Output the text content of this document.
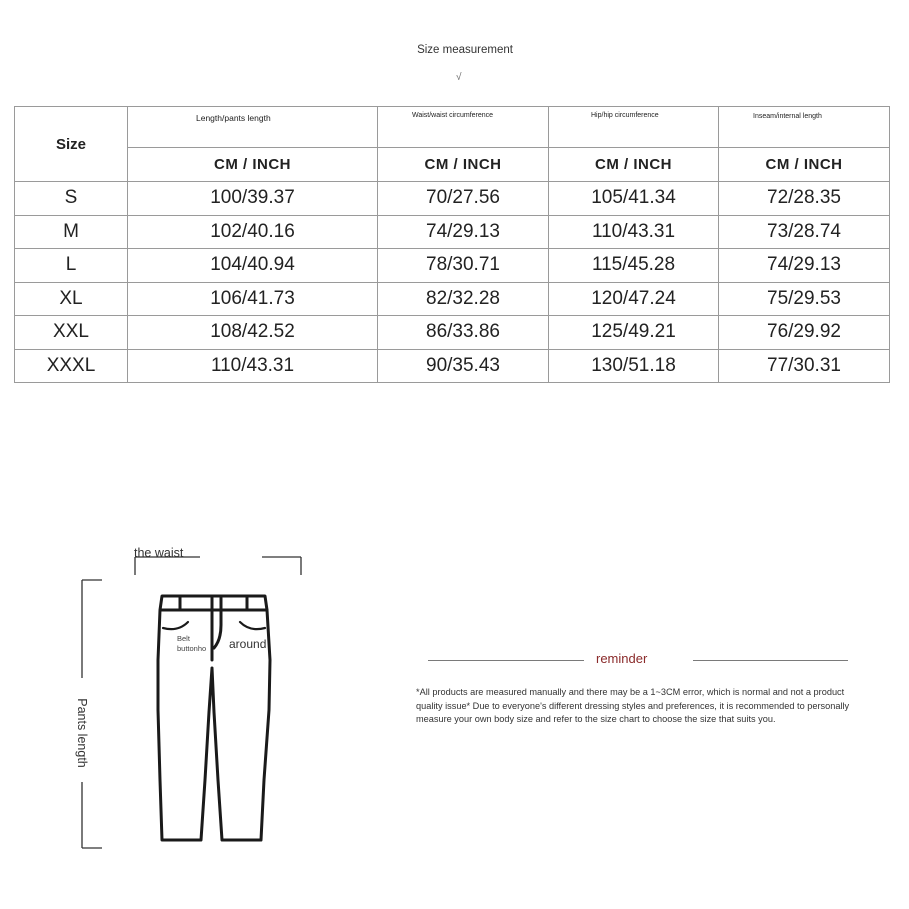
Size measurement
√
Size	Length/pants length	Waist/waist circumference	Hip/hip circumference	Inseam/internal length
	CM / INCH	CM / INCH	CM / INCH	CM / INCH
S	100/39.37	70/27.56	105/41.34	72/28.35
M	102/40.16	74/29.13	110/43.31	73/28.74
L	104/40.94	78/30.71	115/45.28	74/29.13
XL	106/41.73	82/32.28	120/47.24	75/29.53
XXL	108/42.52	86/33.86	125/49.21	76/29.92
XXXL	110/43.31	90/35.43	130/51.18	77/30.31
the waist
Pants length
Belt
buttonho around
reminder
*All products are measured manually and there may be a 1~3CM error, which is normal and not a product quality issue* Due to everyone's different dressing styles and preferences, it is recommended to personally measure your own body size and refer to the size chart to choose the size that suits you.
